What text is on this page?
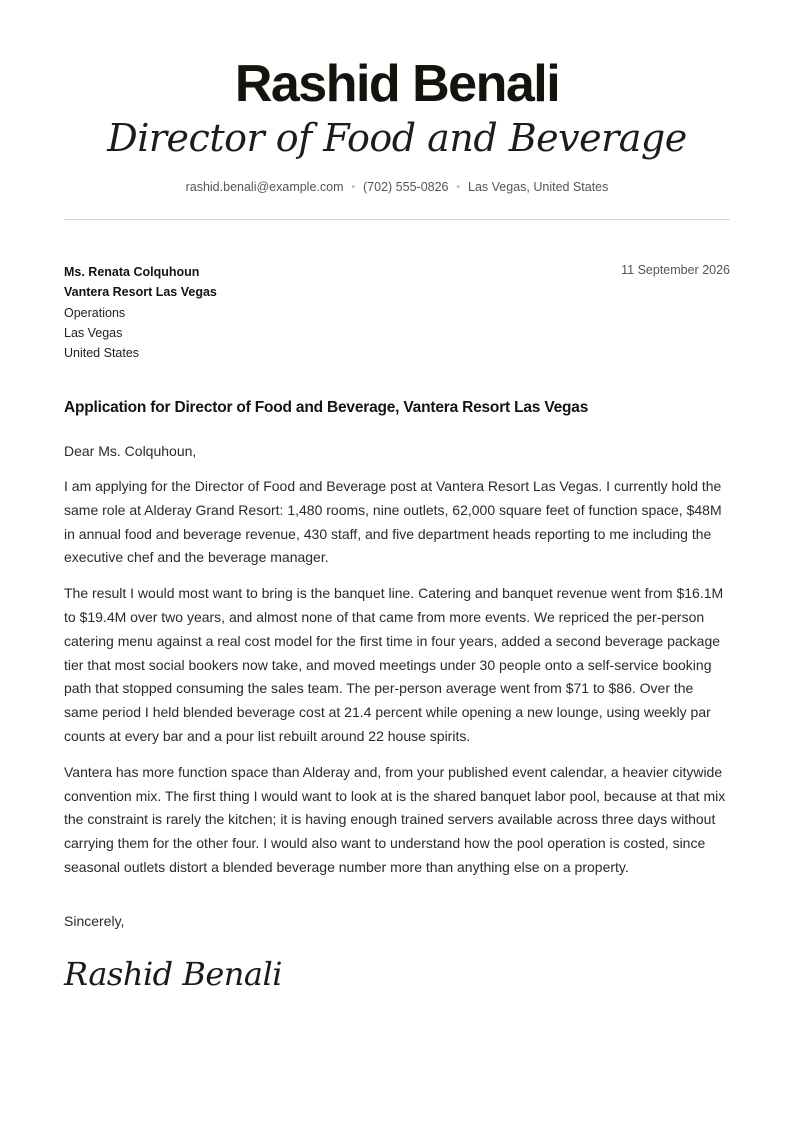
Rashid Benali
Director of Food and Beverage
rashid.benali@example.com • (702) 555-0826 • Las Vegas, United States
Ms. Renata Colquhoun
Vantera Resort Las Vegas
Operations
Las Vegas
United States
11 September 2026
Application for Director of Food and Beverage, Vantera Resort Las Vegas
Dear Ms. Colquhoun,

I am applying for the Director of Food and Beverage post at Vantera Resort Las Vegas. I currently hold the same role at Alderay Grand Resort: 1,480 rooms, nine outlets, 62,000 square feet of function space, $48M in annual food and beverage revenue, 430 staff, and five department heads reporting to me including the executive chef and the beverage manager.

The result I would most want to bring is the banquet line. Catering and banquet revenue went from $16.1M to $19.4M over two years, and almost none of that came from more events. We repriced the per-person catering menu against a real cost model for the first time in four years, added a second beverage package tier that most social bookers now take, and moved meetings under 30 people onto a self-service booking path that stopped consuming the sales team. The per-person average went from $71 to $86. Over the same period I held blended beverage cost at 21.4 percent while opening a new lounge, using weekly par counts at every bar and a pour list rebuilt around 22 house spirits.

Vantera has more function space than Alderay and, from your published event calendar, a heavier citywide convention mix. The first thing I would want to look at is the shared banquet labor pool, because at that mix the constraint is rarely the kitchen; it is having enough trained servers available across three days without carrying them for the other four. I would also want to understand how the pool operation is costed, since seasonal outlets distort a blended beverage number more than anything else on a property.

Sincerely,
Rashid Benali
